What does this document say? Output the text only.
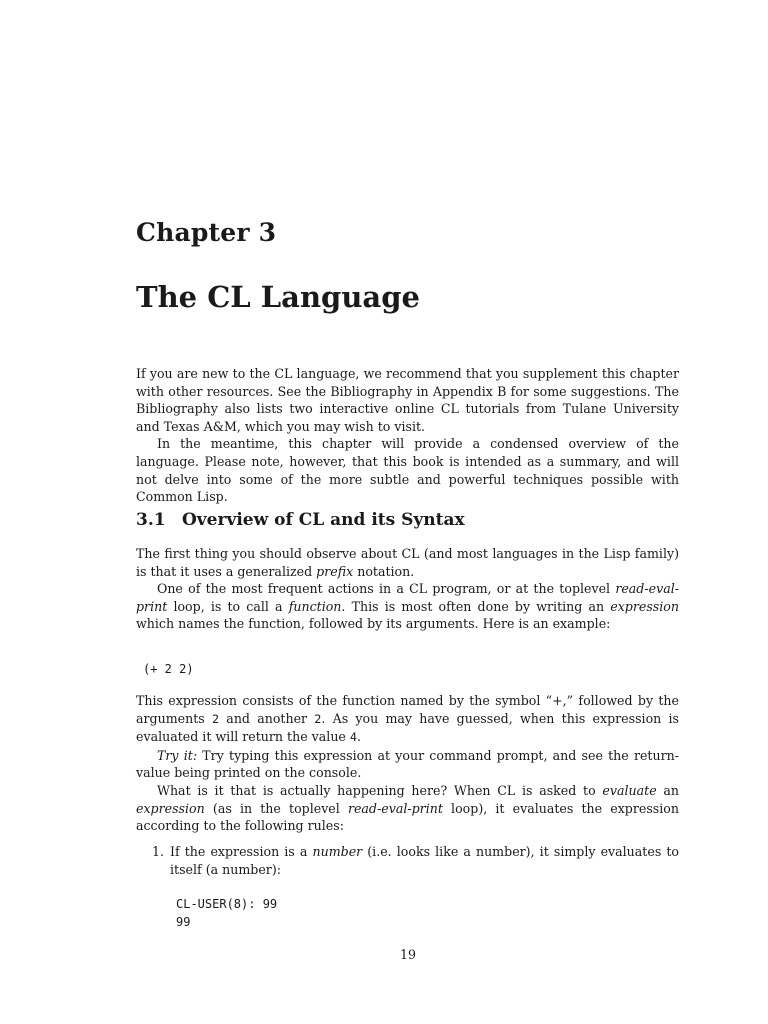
Chapter 3
The CL Language

If you are new to the CL language, we recommend that you supplement this chapter with other resources. See the Bibliography in Appendix B for some suggestions. The Bibliography also lists two interactive online CL tutorials from Tulane University and Texas A&M, which you may wish to visit.

In the meantime, this chapter will provide a condensed overview of the language. Please note, however, that this book is intended as a summary, and will not delve into some of the more subtle and powerful techniques possible with Common Lisp.

3.1 Overview of CL and its Syntax

The first thing you should observe about CL (and most languages in the Lisp family) is that it uses a generalized prefix notation.

One of the most frequent actions in a CL program, or at the toplevel read-eval-print loop, is to call a function. This is most often done by writing an expression which names the function, followed by its arguments. Here is an example:

(+ 2 2)

This expression consists of the function named by the symbol “+,” followed by the arguments 2 and another 2. As you may have guessed, when this expression is evaluated it will return the value 4.

Try it: Try typing this expression at your command prompt, and see the return-value being printed on the console.

What is it that is actually happening here? When CL is asked to evaluate an expression (as in the toplevel read-eval-print loop), it evaluates the expression according to the following rules:

1. If the expression is a number (i.e. looks like a number), it simply evaluates to itself (a number):
CL-USER(8): 99
99
19
